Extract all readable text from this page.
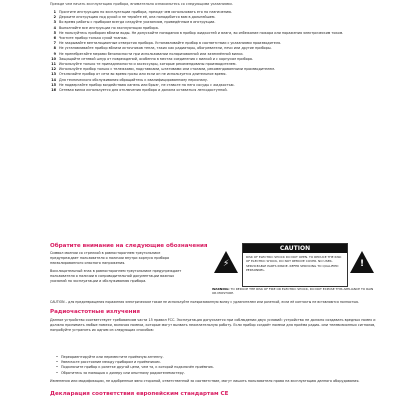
Прежде чем начать эксплуатацию прибора, внимательно ознакомьтесь со следующими указаниями.
1 Прочтите инструкцию по эксплуатации прибора, прежде чем использовать его по назначению.
2 Держите инструкцию под рукой и не теряйте её, она понадобится вам в дальнейшем.
3 Во время работы с прибором всегда следуйте указаниям, приведённым в инструкции.
4 Выполняйте все инструкции по эксплуатации прибора.
5 Не пользуйтесь прибором вблизи воды. Не допускайте попадания в прибор жидкостей и влаги, во избежание пожара или поражения электрическим током.
6 Чистите прибор только сухой тканью.
7 Не закрывайте вентиляционные отверстия прибора. Устанавливайте прибор в соответствии с указаниями производителя.
8 Не устанавливайте прибор вблизи источников тепла, таких как радиаторы, обогреватели, печи или другие приборы.
9 Не пренебрегайте мерами безопасности при использовании поляризованной или заземлённой вилки.
10 Защищайте сетевой шнур от повреждений, особенно в местах соединения с вилкой и с корпусом прибора.
11 Используйте только те принадлежности и аксессуары, которые рекомендованы производителем.
12 Используйте прибор только с тележками, подставками, штативами или столами, рекомендованными производителем.
13 Отключайте прибор от сети во время грозы или если он не используется длительное время.
14 Для технического обслуживания обращайтесь к квалифицированному персоналу.
15 Не подвергайте прибор воздействию капель или брызг, не ставьте на него сосуды с жидкостью.
16 Сетевая вилка используется для отключения прибора и должна оставаться легкодоступной.
Обратите внимание на следующие обозначения

Символ молнии со стрелкой в равностороннем треугольнике предупреждает пользователя о наличии внутри корпуса прибора неизолированного опасного напряжения.

Восклицательный знак в равностороннем треугольнике предупреждает пользователя о наличии в сопроводительной документации важных указаний по эксплуатации и обслуживанию прибора.

⚡
CAUTION
RISK OF ELECTRIC SHOCK DO NOT OPEN. TO REDUCE THE RISK OF ELECTRIC SHOCK, DO NOT REMOVE COVER. NO USER-SERVICEABLE PARTS INSIDE. REFER SERVICING TO QUALIFIED PERSONNEL.
!
WARNING: TO REDUCE THE RISK OF FIRE OR ELECTRIC SHOCK, DO NOT EXPOSE THIS APPLIANCE TO RAIN OR MOISTURE.
CAUTION – для предотвращения поражения электрическим током не используйте поляризованную вилку с удлинителем или розеткой, если её контакты не вставляются полностью.
Радиочастотные излучения
Данное устройство соответствует требованиям части 15 правил FCC. Эксплуатация допускается при соблюдении двух условий: устройство не должно создавать вредных помех и должно принимать любые помехи, включая помехи, которые могут вызвать нежелательную работу. Если прибор создаёт помехи для приёма радио- или телевизионных сигналов, попробуйте устранить их одним из следующих способов:
• Переориентируйте или переместите приёмную антенну.
• Увеличьте расстояние между прибором и приёмником.
• Подключите прибор к розетке другой цепи, чем та, к которой подключён приёмник.
• Обратитесь за помощью к дилеру или опытному радиотелемастеру.
Изменения или модификации, не одобренные явно стороной, ответственной за соответствие, могут лишить пользователя права на эксплуатацию данного оборудования.
Декларация соответствия европейским стандартам CE
